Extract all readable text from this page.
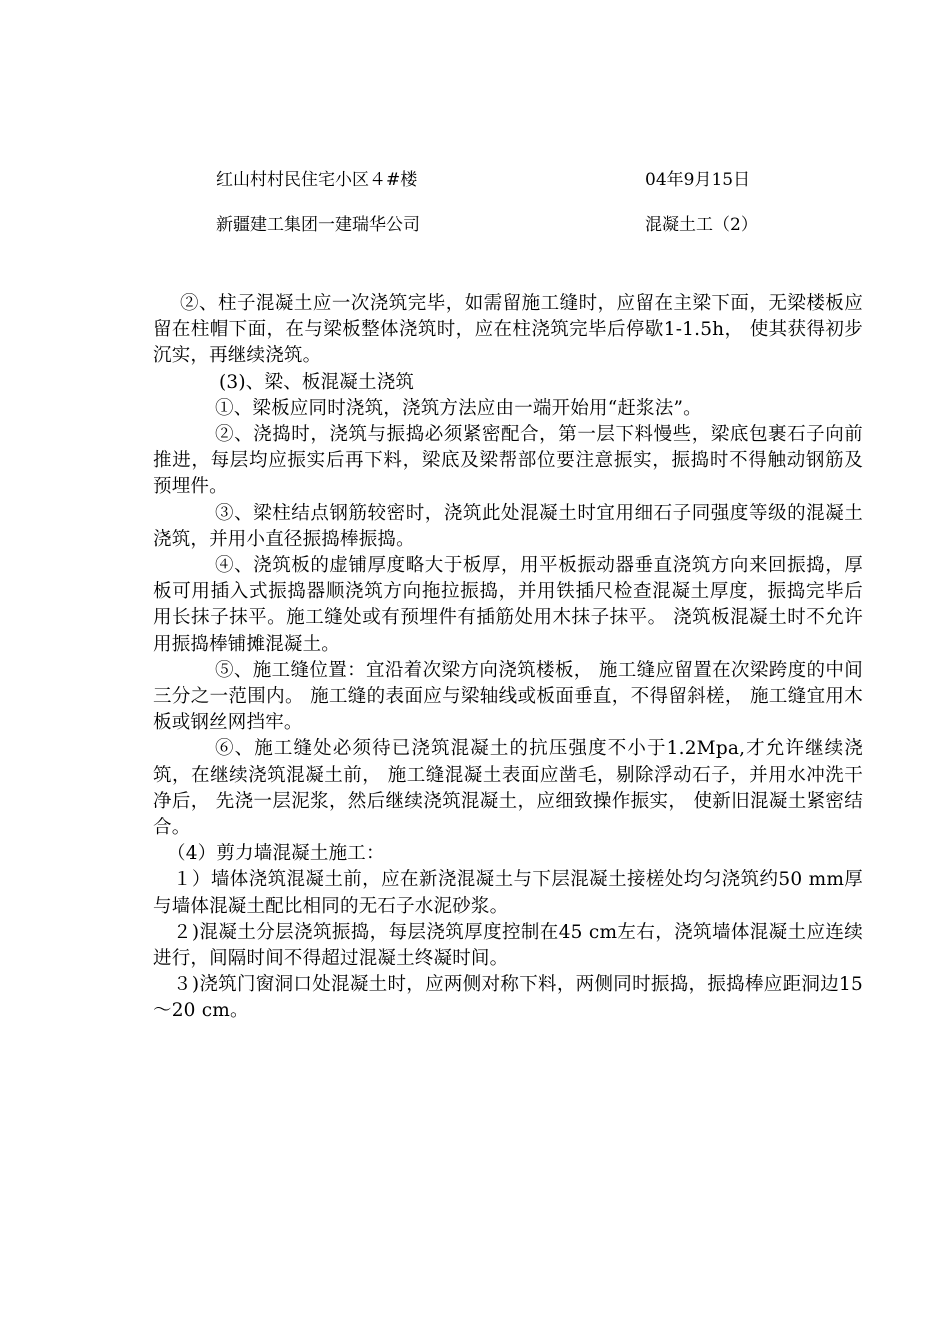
红山村村民住宅小区４#楼	04年9月15日
新疆建工集团一建瑞华公司	混凝土工（2）

②、柱子混凝土应一次浇筑完毕，如需留施工缝时，应留在主梁下面，无梁楼板应留在柱帽下面，在与梁板整体浇筑时，应在柱浇筑完毕后停歇1-1.5h， 使其获得初步沉实，再继续浇筑。

(3)、梁、板混凝土浇筑

①、梁板应同时浇筑，浇筑方法应由一端开始用“赶浆法”。

②、浇捣时，浇筑与振捣必须紧密配合，第一层下料慢些，梁底包裹石子向前推进，每层均应振实后再下料，梁底及梁帮部位要注意振实，振捣时不得触动钢筋及预埋件。

③、梁柱结点钢筋较密时，浇筑此处混凝土时宜用细石子同强度等级的混凝土浇筑，并用小直径振捣棒振捣。

④、浇筑板的虚铺厚度略大于板厚，用平板振动器垂直浇筑方向来回振捣，厚板可用插入式振捣器顺浇筑方向拖拉振捣，并用铁插尺检查混凝土厚度，振捣完毕后用长抹子抹平。施工缝处或有预埋件有插筋处用木抹子抹平。 浇筑板混凝土时不允许用振捣棒铺摊混凝土。

⑤、施工缝位置：宜沿着次梁方向浇筑楼板， 施工缝应留置在次梁跨度的中间三分之一范围内。 施工缝的表面应与梁轴线或板面垂直，不得留斜槎， 施工缝宜用木板或钢丝网挡牢。

⑥、施工缝处必须待已浇筑混凝土的抗压强度不小于1.2Mpa,才允许继续浇筑，在继续浇筑混凝土前， 施工缝混凝土表面应凿毛，剔除浮动石子，并用水冲洗干净后， 先浇一层泥浆，然后继续浇筑混凝土，应细致操作振实， 使新旧混凝土紧密结合。

（4）剪力墙混凝土施工：

１）墙体浇筑混凝土前，应在新浇混凝土与下层混凝土接槎处均匀浇筑约50 mm厚与墙体混凝土配比相同的无石子水泥砂浆。

２)混凝土分层浇筑振捣，每层浇筑厚度控制在45 cm左右，浇筑墙体混凝土应连续进行，间隔时间不得超过混凝土终凝时间。

３)浇筑门窗洞口处混凝土时，应两侧对称下料，两侧同时振捣，振捣棒应距洞边15～20 cm。
